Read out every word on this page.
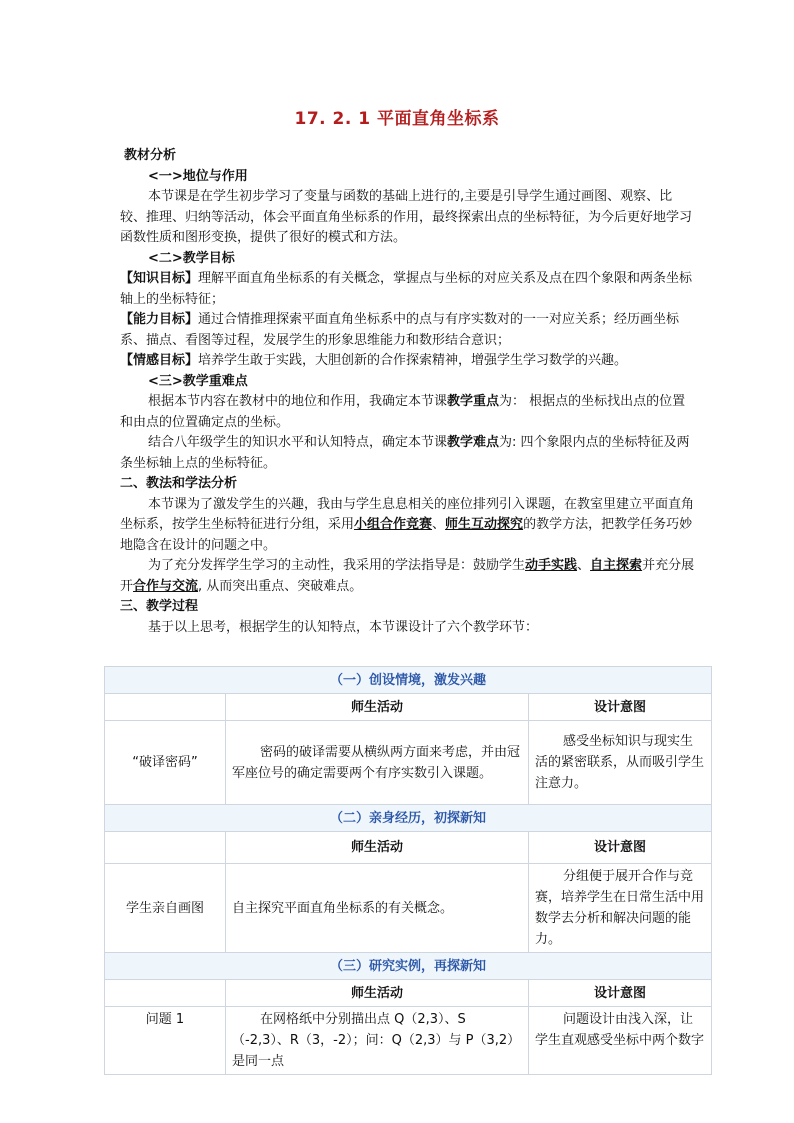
17. 2. 1 平面直角坐标系

教材分析

<一>地位与作用

本节课是在学生初步学习了变量与函数的基础上进行的,主要是引导学生通过画图、观察、比较、推理、归纳等活动，体会平面直角坐标系的作用，最终探索出点的坐标特征，为今后更好地学习函数性质和图形变换，提供了很好的模式和方法。

<二>教学目标

【知识目标】理解平面直角坐标系的有关概念，掌握点与坐标的对应关系及点在四个象限和两条坐标轴上的坐标特征；

【能力目标】通过合情推理探索平面直角坐标系中的点与有序实数对的一一对应关系；经历画坐标系、描点、看图等过程，发展学生的形象思维能力和数形结合意识；

【情感目标】培养学生敢于实践，大胆创新的合作探索精神，增强学生学习数学的兴趣。

<三>教学重难点

根据本节内容在教材中的地位和作用，我确定本节课教学重点为： 根据点的坐标找出点的位置和由点的位置确定点的坐标。

结合八年级学生的知识水平和认知特点，确定本节课教学难点为: 四个象限内点的坐标特征及两条坐标轴上点的坐标特征。

二、教法和学法分析

本节课为了激发学生的兴趣，我由与学生息息相关的座位排列引入课题，在教室里建立平面直角坐标系，按学生坐标特征进行分组，采用小组合作竞赛、师生互动探究的教学方法，把教学任务巧妙地隐含在设计的问题之中。

为了充分发挥学生学习的主动性，我采用的学法指导是：鼓励学生动手实践、自主探索并充分展开合作与交流, 从而突出重点、突破难点。

三、教学过程

基于以上思考，根据学生的认知特点，本节课设计了六个教学环节：

（一）创设情境，激发兴趣		
	师生活动	设计意图
“破译密码”	密码的破译需要从横纵两方面来考虑，并由冠军座位号的确定需要两个有序实数引入课题。	感受坐标知识与现实生活的紧密联系，从而吸引学生注意力。
（二）亲身经历，初探新知		
	师生活动	设计意图
学生亲自画图	自主探究平面直角坐标系的有关概念。	分组便于展开合作与竞赛，培养学生在日常生活中用数学去分析和解决问题的能力。
（三）研究实例，再探新知		
	师生活动	设计意图
问题 1	在网格纸中分别描出点 Q（2,3）、S（-2,3）、R（3，-2）；问：Q（2,3）与 P（3,2）是同一点	问题设计由浅入深，让学生直观感受坐标中两个数字
